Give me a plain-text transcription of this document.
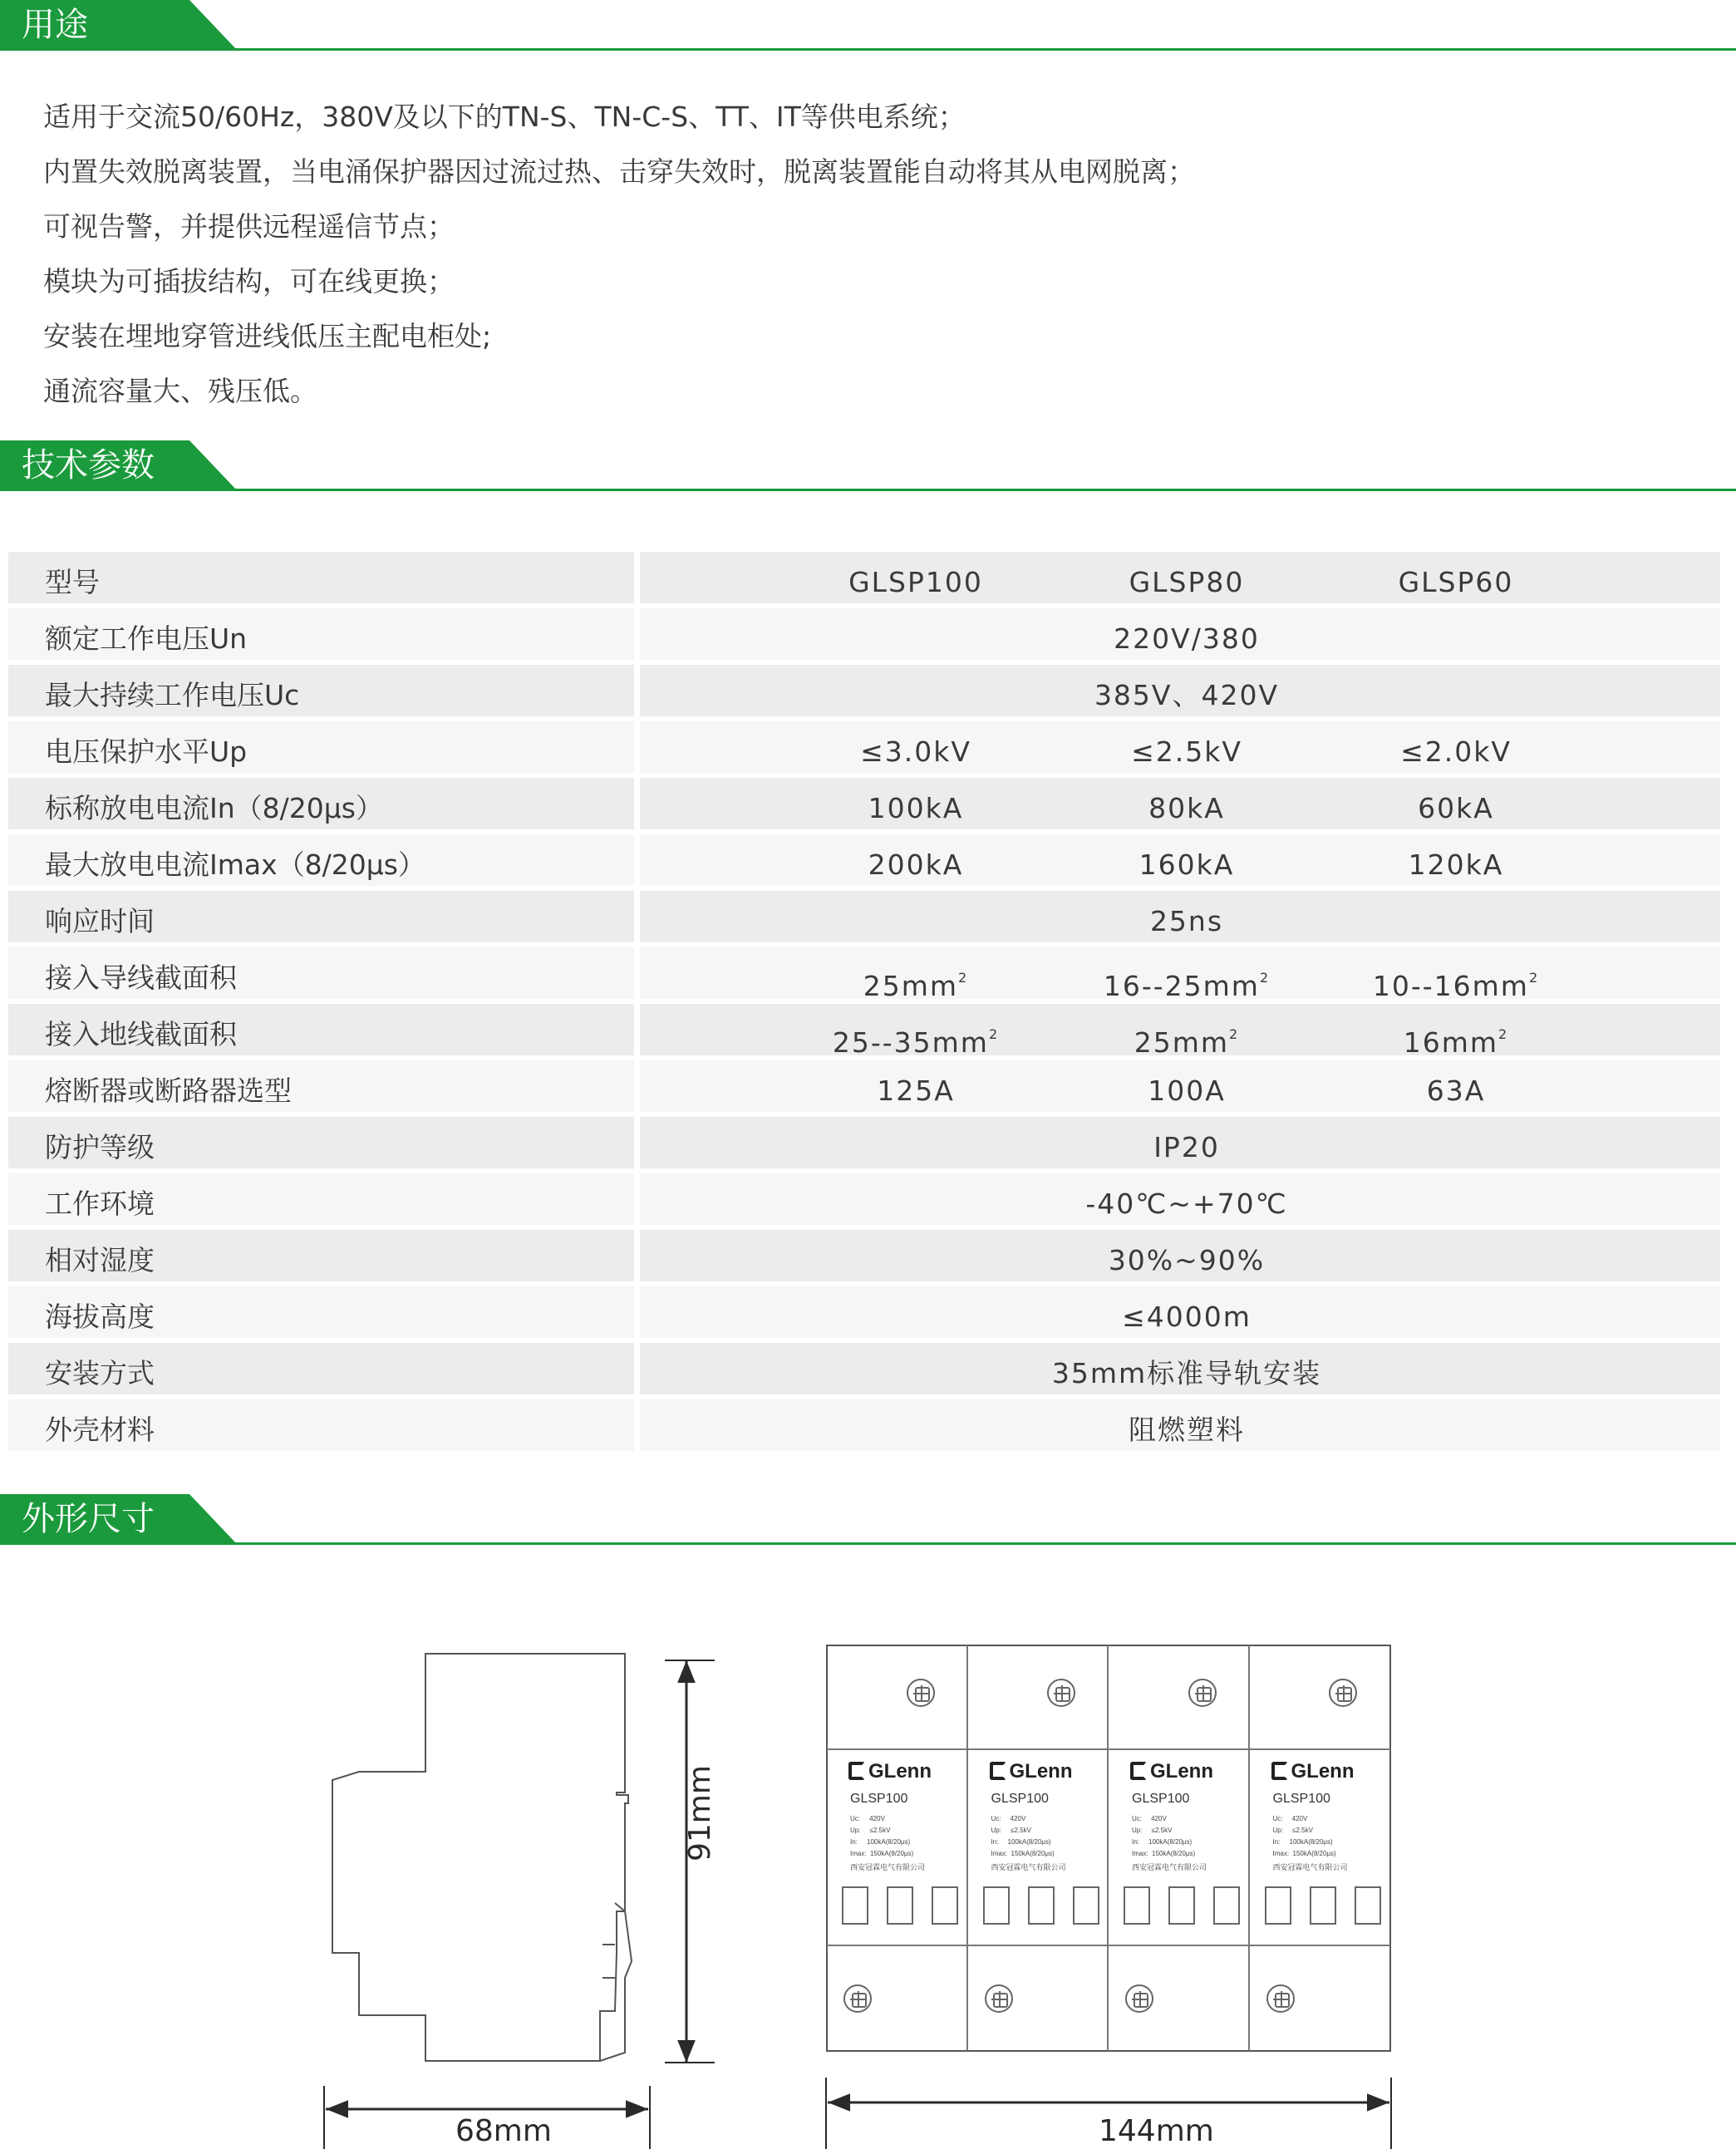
用途
适用于交流50/60Hz，380V及以下的TN-S、TN-C-S、TT、IT等供电系统；
内置失效脱离装置，当电涌保护器因过流过热、击穿失效时，脱离装置能自动将其从电网脱离；
可视告警，并提供远程遥信节点；
模块为可插拔结构，可在线更换；
安装在埋地穿管进线低压主配电柜处;
通流容量大、残压低。
技术参数
型号	GLSP100	GLSP80	GLSP60
额定工作电压Un	220V/380
最大持续工作电压Uc	385V、420V
电压保护水平Up	≤3.0kV	≤2.5kV	≤2.0kV
标称放电电流In（8/20μs）	100kA	80kA	60kA
最大放电电流Imax（8/20μs）	200kA	160kA	120kA
响应时间	25ns
接入导线截面积	$25mm^2$	$16--25mm^2$	$10--16mm^2$
接入地线截面积	$25--35mm^2$	$25mm^2$	$16mm^2$
熔断器或断路器选型	125A	100A	63A
防护等级	IP20
工作环境	-40℃~+70℃
相对湿度	30%~90%
海拔高度	≤4000m
安装方式	35mm标准导轨安装
外壳材料	阻燃塑料
外形尺寸
68mm	144mm
91mm	GLenn
GLSP100
Uc:     420V
Up:     ≤2.5kV
In:     100kA(8/20μs)
Imax:  150kA(8/20μs)
西安冠霖电气有限公司
GLenn
GLSP100
Uc:     420V
Up:     ≤2.5kV
In:     100kA(8/20μs)
Imax:  150kA(8/20μs)
西安冠霖电气有限公司
GLenn
GLSP100
Uc:     420V
Up:     ≤2.5kV
In:     100kA(8/20μs)
Imax:  150kA(8/20μs)
西安冠霖电气有限公司
GLenn
GLSP100
Uc:     420V
Up:     ≤2.5kV
In:     100kA(8/20μs)
Imax:  150kA(8/20μs)
西安冠霖电气有限公司
